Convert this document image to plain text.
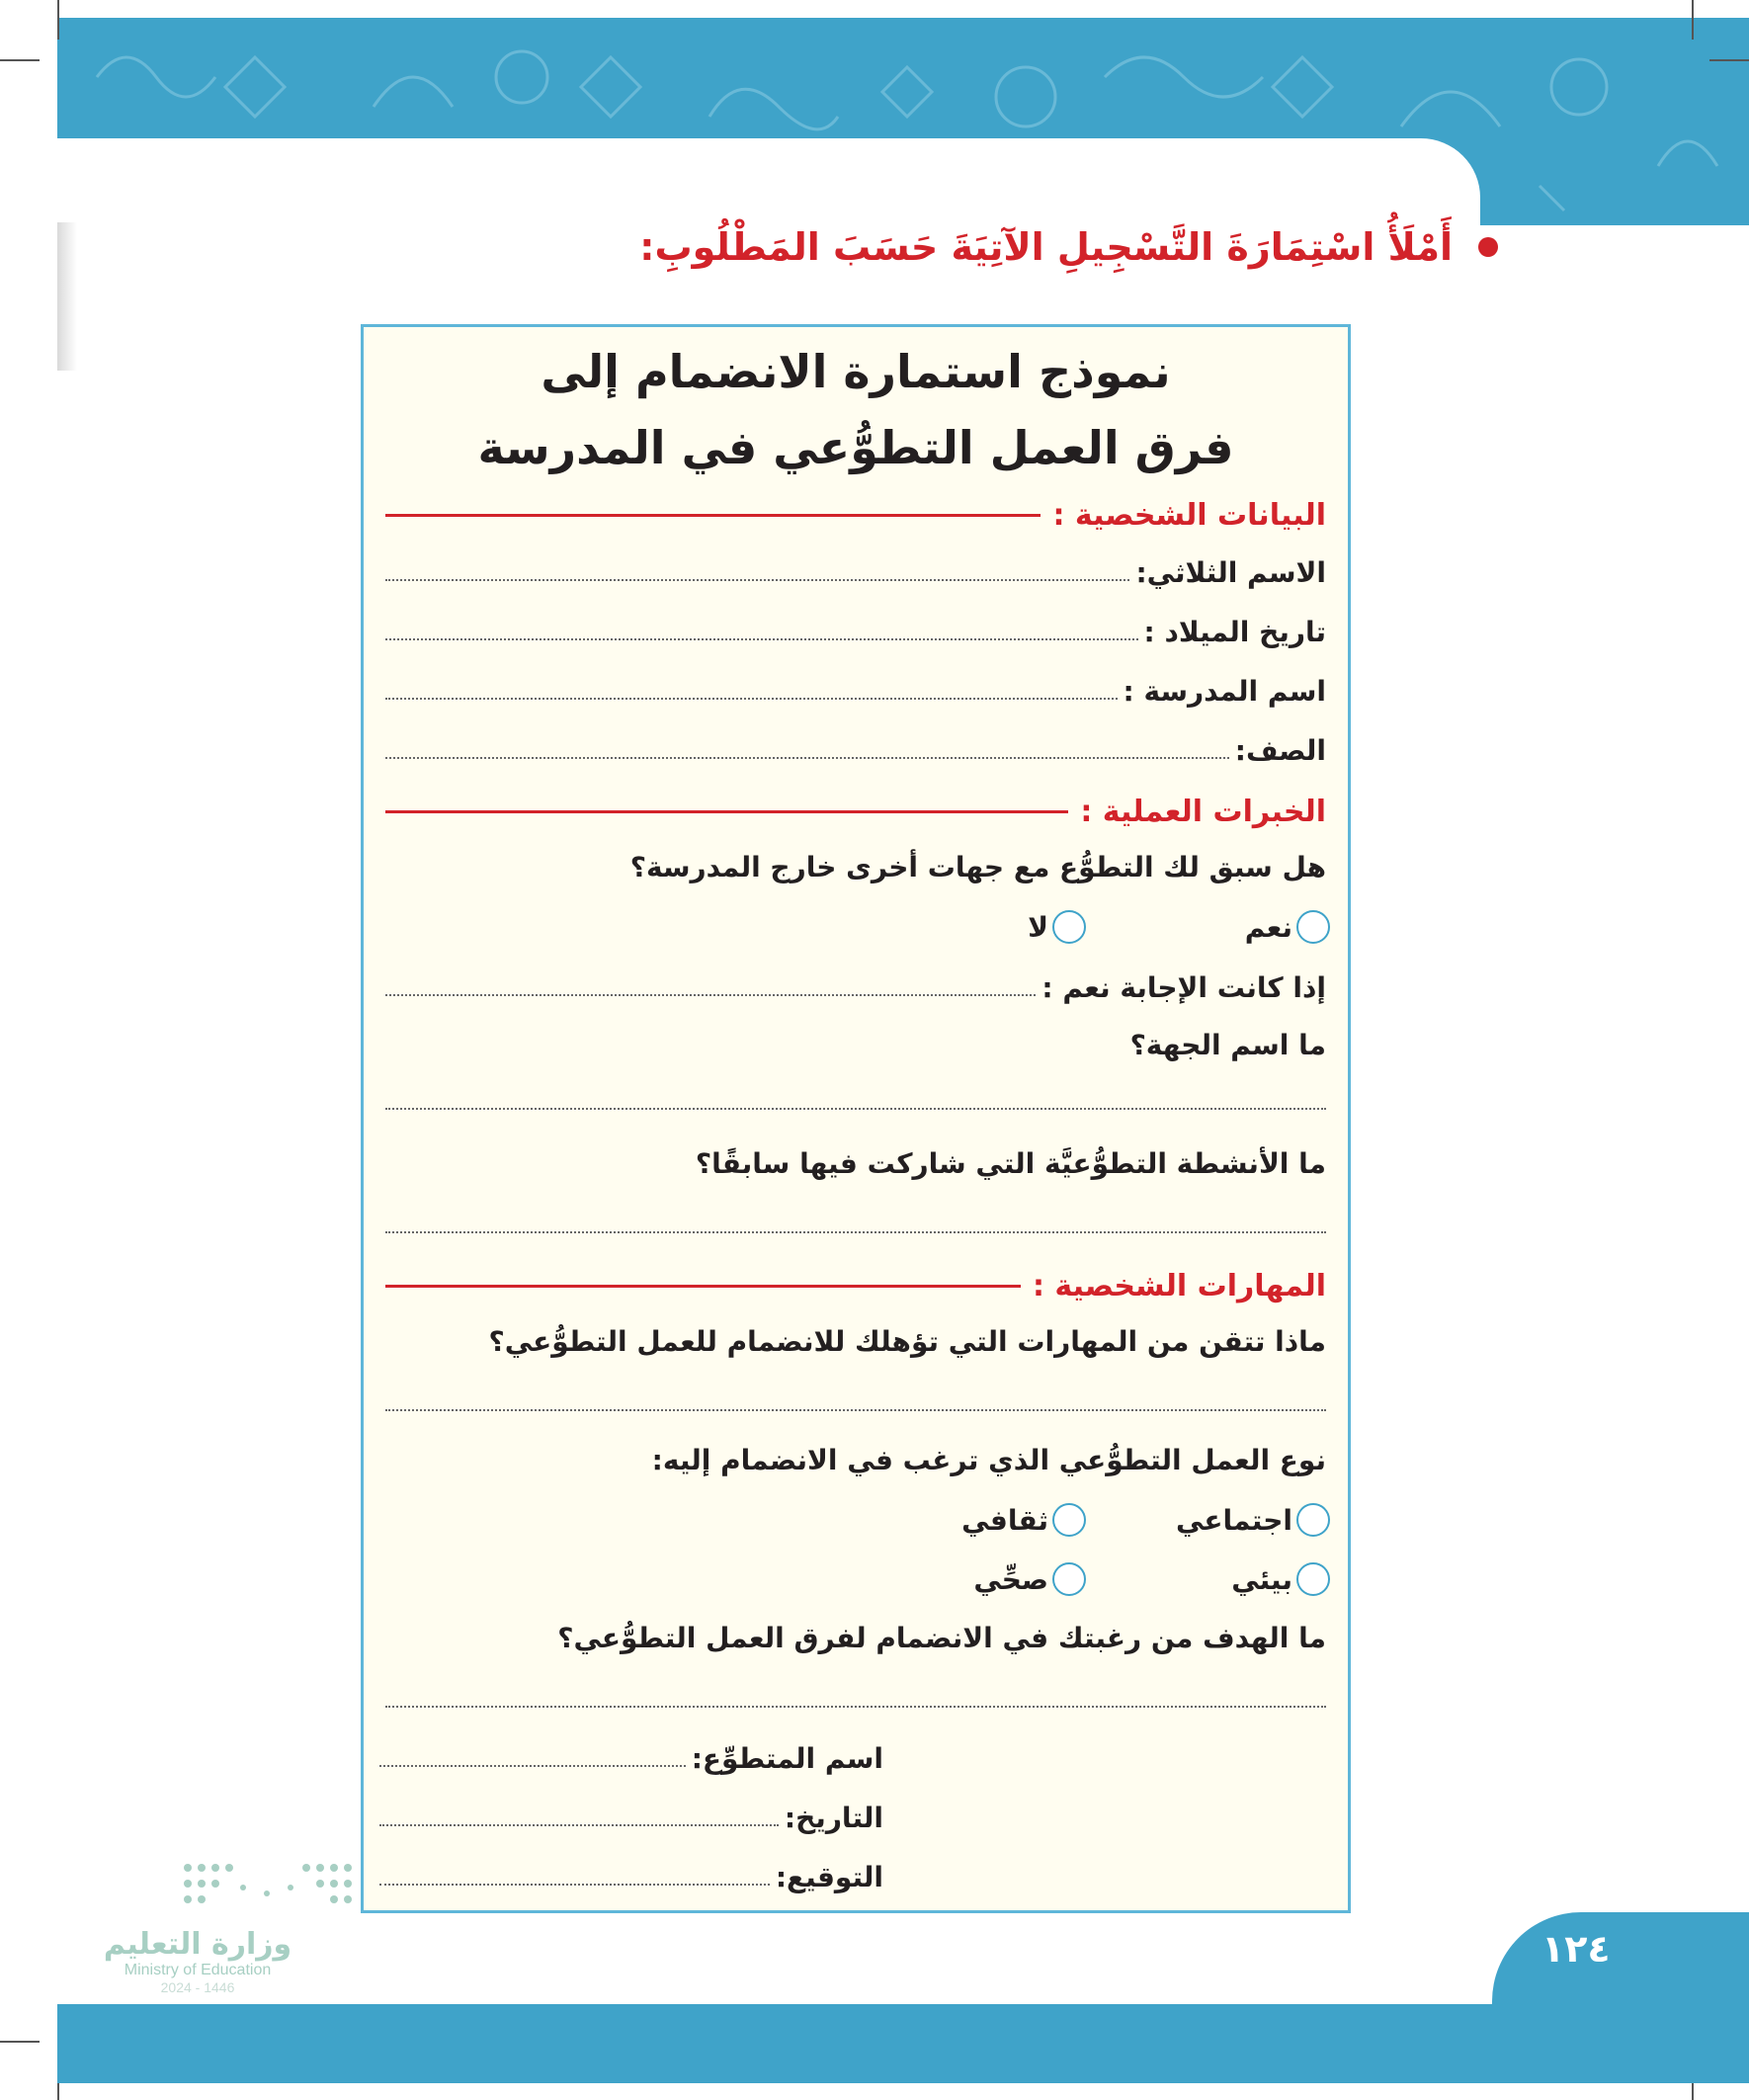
أَمْلَأُ اسْتِمَارَةَ التَّسْجِيلِ الآتِيَةَ حَسَبَ المَطْلُوبِ:
نموذج استمارة الانضمام إلى
فرق العمل التطوُّعي في المدرسة
البيانات الشخصية :
الاسم الثلاثي:
تاريخ الميلاد :
اسم المدرسة :
الصف:
الخبرات العملية :
هل سبق لك التطوُّع مع جهات أخرى خارج المدرسة؟
نعم
لا
إذا كانت الإجابة نعم :
ما اسم الجهة؟
ما الأنشطة التطوُّعيَّة التي شاركت فيها سابقًا؟
المهارات الشخصية :
ماذا تتقن من المهارات التي تؤهلك للانضمام للعمل التطوُّعي؟
نوع العمل التطوُّعي الذي ترغب في الانضمام إليه:
اجتماعي
ثقافي
بيئي
صحِّي
ما الهدف من رغبتك في الانضمام لفرق العمل التطوُّعي؟
اسم المتطوِّع:
التاريخ:
التوقيع:
وزارة التعليم
Ministry of Education
2024 - 1446
١٢٤
